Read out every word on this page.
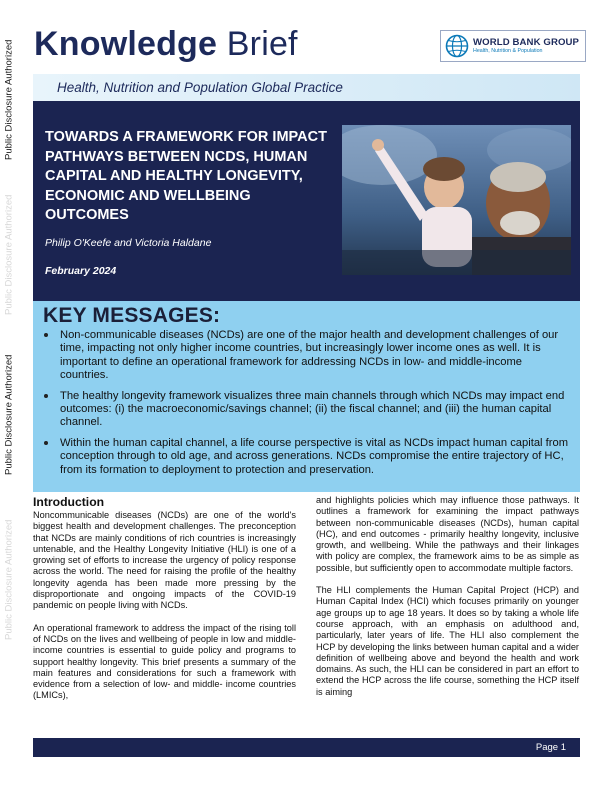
Public Disclosure Authorized
Public Disclosure Authorized
Public Disclosure Authorized
Public Disclosure Authorized
Knowledge Brief	WORLD BANK GROUP
Health, Nutrition & Population
Health, Nutrition and Population Global Practice
TOWARDS A FRAMEWORK FOR IMPACT PATHWAYS BETWEEN NCDS, HUMAN CAPITAL AND HEALTHY LONGEVITY, ECONOMIC AND WELLBEING OUTCOMES
Philip O'Keefe and Victoria Haldane
February 2024
KEY MESSAGES:
Non-communicable diseases (NCDs) are one of the major health and development challenges of our time, impacting not only higher income countries, but increasingly lower income ones as well. It is important to define an operational framework for addressing NCDs in low- and middle-income countries.
The healthy longevity framework visualizes three main channels through which NCDs may impact end outcomes: (i) the macroeconomic/savings channel; (ii) the fiscal channel; and (iii) the human capital channel.
Within the human capital channel, a life course perspective is vital as NCDs impact human capital from conception through to old age, and across generations. NCDs compromise the entire trajectory of HC, from its formation to deployment to protection and preservation.
Introduction

Noncommunicable diseases (NCDs) are one of the world's biggest health and development challenges. The preconception that NCDs are mainly conditions of rich countries is increasingly untenable, and the Healthy Longevity Initiative (HLI) is one of a growing set of efforts to increase the urgency of policy response across the world. The need for raising the profile of the healthy longevity agenda has been made more pressing by the disproportionate and ongoing impacts of the COVID-19 pandemic on people living with NCDs.

An operational framework to address the impact of the rising toll of NCDs on the lives and wellbeing of people in low and middle-income countries is essential to guide policy and programs to support healthy longevity. This brief presents a summary of the main features and considerations for such a framework with evidence from a selection of low- and middle- income countries (LMICs),

and highlights policies which may influence those pathways. It outlines a framework for examining the impact pathways between non-communicable diseases (NCDs), human capital (HC), and end outcomes - primarily healthy longevity, inclusive growth, and wellbeing. While the pathways and their linkages with policy are complex, the framework aims to be as simple as possible, but sufficiently open to accommodate multiple factors.

The HLI complements the Human Capital Project (HCP) and Human Capital Index (HCI) which focuses primarily on younger age groups up to age 18 years. It does so by taking a whole life course approach, with an emphasis on adulthood and, particularly, later years of life. The HLI also complement the HCP by developing the links between human capital and a wider definition of wellbeing above and beyond the health and work domains. As such, the HLI can be considered in part an effort to extend the HCP across the life course, something the HCP itself is aiming

Page 1
